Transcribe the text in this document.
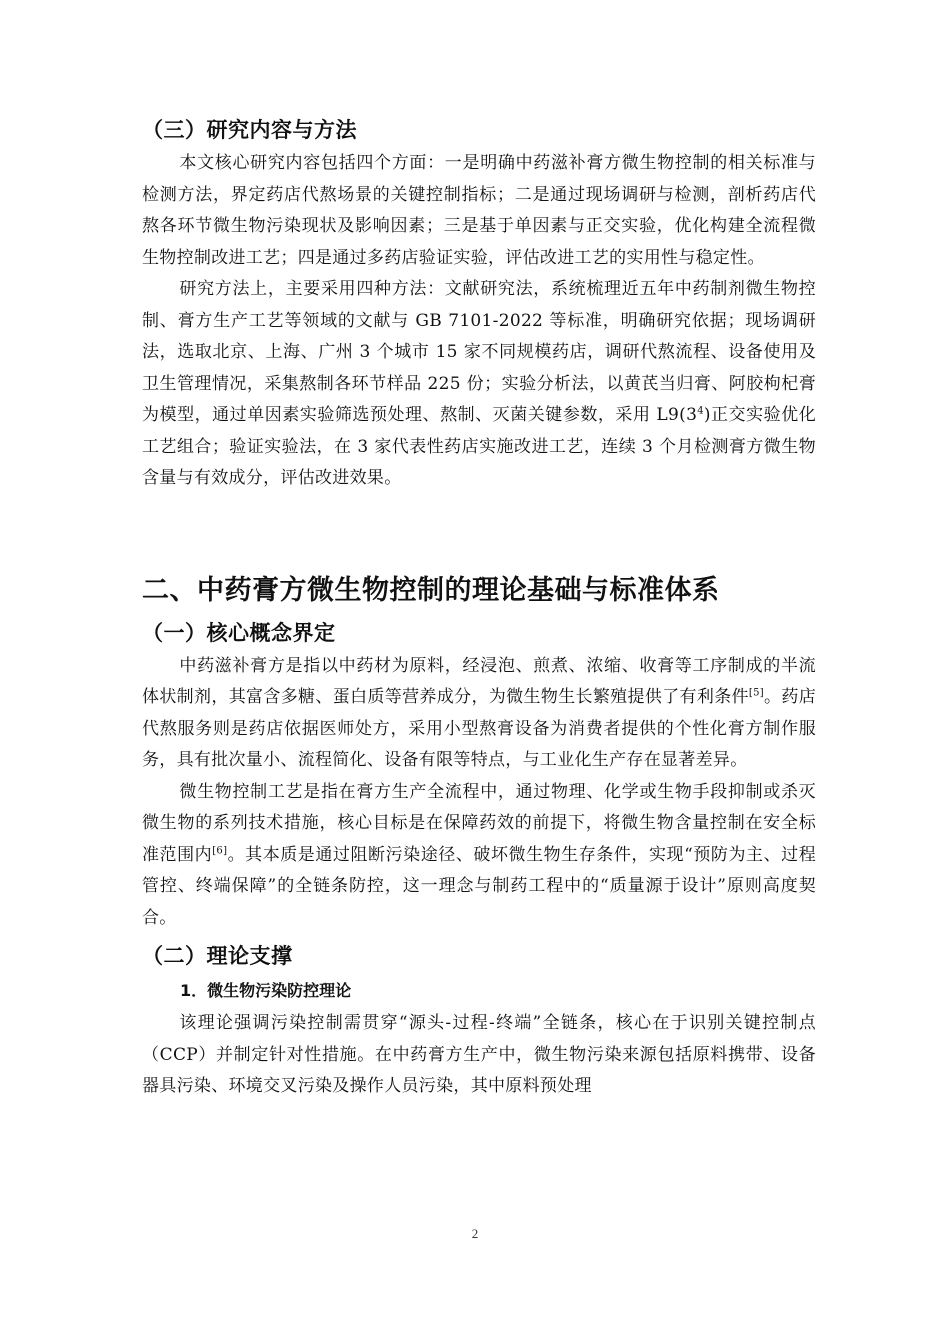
（三）研究内容与方法

本文核心研究内容包括四个方面：一是明确中药滋补膏方微生物控制的相关标准与检测方法，界定药店代熬场景的关键控制指标；二是通过现场调研与检测，剖析药店代熬各环节微生物污染现状及影响因素；三是基于单因素与正交实验，优化构建全流程微生物控制改进工艺；四是通过多药店验证实验，评估改进工艺的实用性与稳定性。

研究方法上，主要采用四种方法：文献研究法，系统梳理近五年中药制剂微生物控制、膏方生产工艺等领域的文献与 GB 7101-2022 等标准，明确研究依据；现场调研法，选取北京、上海、广州 3 个城市 15 家不同规模药店，调研代熬流程、设备使用及卫生管理情况，采集熬制各环节样品 225 份；实验分析法，以黄芪当归膏、阿胶枸杞膏为模型，通过单因素实验筛选预处理、熬制、灭菌关键参数，采用 $L9(3^4)$正交实验优化工艺组合；验证实验法，在 3 家代表性药店实施改进工艺，连续 3 个月检测膏方微生物含量与有效成分，评估改进效果。

二、中药膏方微生物控制的理论基础与标准体系
（一）核心概念界定

中药滋补膏方是指以中药材为原料，经浸泡、煎煮、浓缩、收膏等工序制成的半流体状制剂，其富含多糖、蛋白质等营养成分，为微生物生长繁殖提供了有利条件[5]。药店代熬服务则是药店依据医师处方，采用小型熬膏设备为消费者提供的个性化膏方制作服务，具有批次量小、流程简化、设备有限等特点，与工业化生产存在显著差异。

微生物控制工艺是指在膏方生产全流程中，通过物理、化学或生物手段抑制或杀灭微生物的系列技术措施，核心目标是在保障药效的前提下，将微生物含量控制在安全标准范围内[6]。其本质是通过阻断污染途径、破坏微生物生存条件，实现“预防为主、过程管控、终端保障”的全链条防控，这一理念与制药工程中的“质量源于设计”原则高度契合。

（二）理论支撑
1．微生物污染防控理论

该理论强调污染控制需贯穿“源头-过程-终端”全链条，核心在于识别关键控制点（CCP）并制定针对性措施。在中药膏方生产中，微生物污染来源包括原料携带、设备器具污染、环境交叉污染及操作人员污染，其中原料预处理

2
